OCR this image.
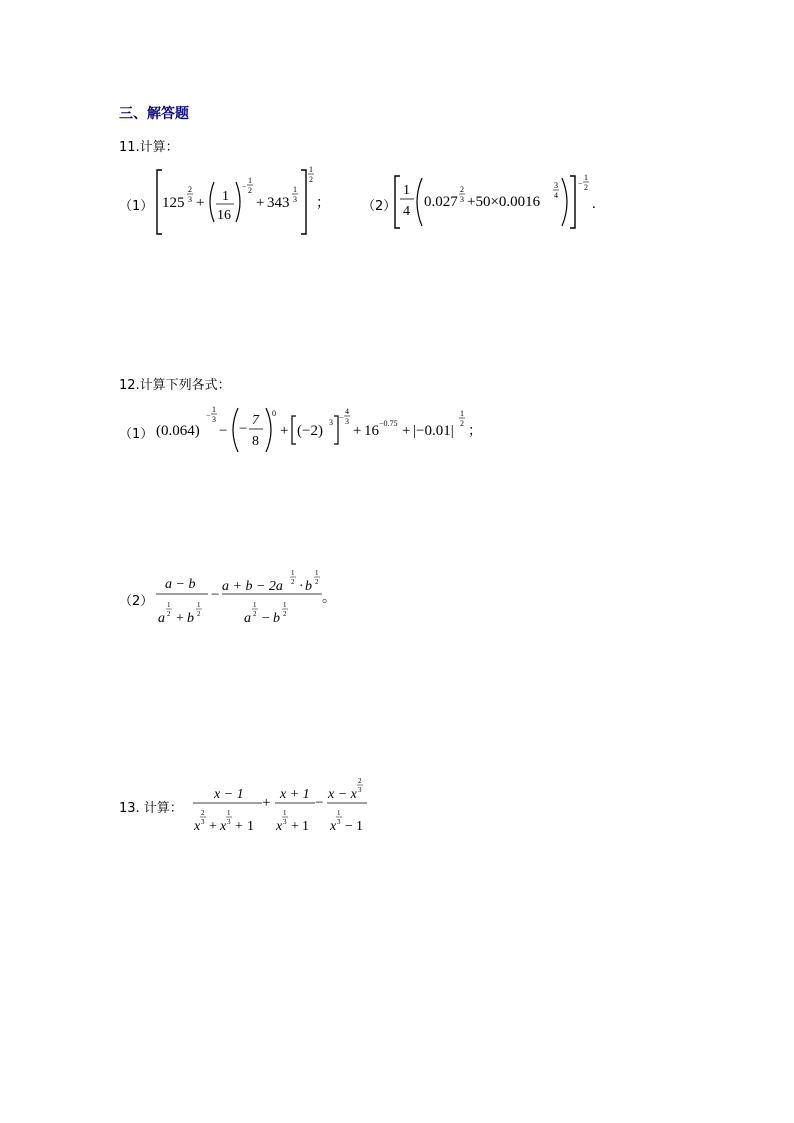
三、解答题
11.计算：
（1） 125
2
3 + 1
16
−
1
2
+ 343
1
3
1
2
； （2）
1
4
0.027
2
3 +50×0.0016
3
4
−
1
2
.
12.计算下列各式：
（1） (0.064)
−
1
3
− −
7
8
0
+ (−2)
3
−
4
3
+ 16 −0.75 + |−0.01|
1
2
；
（2）
a − b
a
1
2 + b
1
2
−
a + b − 2a
1
2 · b
1
2
a
1
2 − b
1
2
。
13. 计算：
x − 1
x
2
3 + x
1
3 + 1
+
x + 1
x
1
3 + 1
−
x − x
2
3
x
1
3 − 1
